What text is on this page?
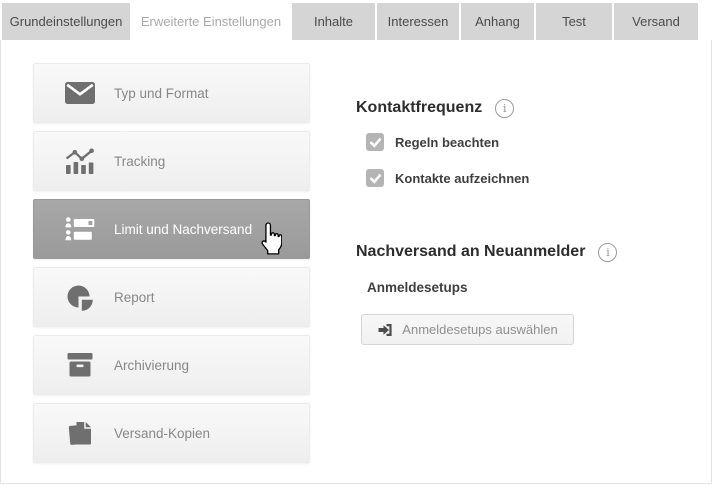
Grundeinstellungen	Erweiterte Einstellungen	Inhalte	Interessen	Anhang	Test	Versand
Typ und Format
Tracking
Limit und Nachversand
Report
Archivierung
Versand-Kopien
Kontaktfrequenz	i
Regeln beachten
Kontakte aufzeichnen
Nachversand an Neuanmelder	i
Anmeldesetups
Anmeldesetups auswählen
